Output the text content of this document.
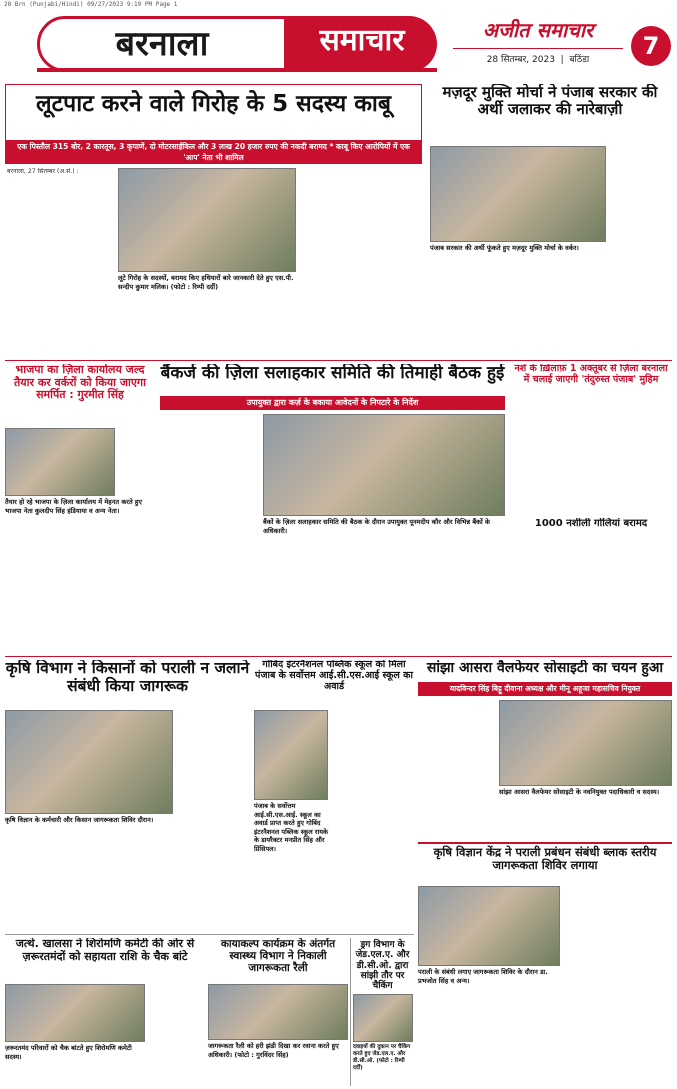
28 Brn (Punjabi/Hindi) 09/27/2023 9:19 PM Page 1
बरनाला	समाचार	अजीत समाचार
28 सितम्बर, 2023  |  बठिंडा	7
लूटपाट करने वाले गिरोह के 5 सदस्य काबू
एक पिस्तौल 315 बोर, 2 कारतूस, 3 कृपाणें, दो मोटरसाईकिल और 3 लाख 20 हजार रुपए की नकदी बरामद * काबू किए आरोपियों में एक 'आप' नेता भी शामिल
बरनाला, 27 सितम्बर (अ.सं.) :
लूटे गिरोह के सदस्यों, बरामद किए हथियारों बारे जानकारी देते हुए एस.पी. सन्दीप कुमार मलिक। (फोटो : रिम्पी दर्दी)
मज़दूर मुक्ति मोर्चा ने पंजाब सरकार की अर्थी जलाकर की नारेबाज़ी
पंजाब सरकार की अर्थी फूंकते हुए मज़दूर मुक्ति मोर्चा के वर्कर।
भाजपा का ज़िला कार्यालय जल्द तैयार कर वर्करों को किया जाएगा समर्पित : गुरमीत सिंह
तैयार हो रहे भाजपा के ज़िला कार्यालय में मेहनत करते हुए भाजपा नेता कुलदीप सिंह हंडियाया व अन्य नेता।
बैंकर्ज की ज़िला सलाहकार समिति की तिमाही बैठक हुई
उपायुक्त द्वारा कर्ज़ के बकाया आवेदनों के निपटारे के निर्देश
बैंकों के ज़िला सलाहकार समिति की बैठक के दौरान उपायुक्त पूनमदीप कौर और विभिन्न बैंकों के अधिकारी।
नशे के ख़िलाफ़ 1 अक्तूबर से ज़िला बरनाला में चलाई जाएगी 'तंदुरुस्त पंजाब' मुहिम
1000 नशीली गोलियां बरामद
कृषि विभाग ने किसानों को पराली न जलाने संबंधी किया जागरूक
कृषि विज्ञान के कर्मचारी और किसान जागरूकता शिविर दौरान।
गोबिंद इंटरनैशनल पब्लिक स्कूल को मिला पंजाब के सर्वोत्तम आई.सी.एस.आई स्कूल का अवार्ड
पंजाब के सर्वोत्तम आई.सी.एस.आई. स्कूल का अवार्ड प्राप्त करते हुए गोबिंद इंटरनैशनल पब्लिक स्कूल रायके के डायरैक्टर मनप्रीत सिंह और प्रिंसिपल।
सांझा आसरा वैलफेयर सोसाइटी का चयन हुआ
यादविन्दर सिंह बिट्टू दीवाना अध्यक्ष और मीनू अहूजा महासचिव नियुक्त
सांझा आसरा वैलफेयर सोसाइटी के नवनियुक्त पदाधिकारी व सदस्य।
कृषि विज्ञान केंद्र ने पराली प्रबंधन संबंधी ब्लाक स्तरीय जागरूकता शिविर लगाया
पराली के संबंधी लगाए जागरूकता शिविर के दौरान डा. प्रभजोत सिंह व अन्य।
जत्थे. खालसा ने शिरोमणि कमेटी की ओर से ज़रूरतमंदों को सहायता राशि के चैक बांटे
ज़रूरतमंद परिवारों को चैक बांटते हुए शिरोमणि कमेटी सदस्य।
कायाकल्प कार्यक्रम के अंतर्गत स्वास्थ्य विभाग ने निकाली जागरूकता रैली
जागरूकता रैली को हरी झंडी दिखा कर रवाना करते हुए अधिकारी। (फोटो : गुरविंदर सिंह)
ड्रग विभाग के जेड.एल.ए. और डी.सी.ओ. द्वारा सांझी तौर पर चैकिंग
दवाइयों की दुकान पर चैकिंग करते हुए जेड.एल.ए. और डी.सी.ओ. (फोटो : रिम्पी दर्दी)
